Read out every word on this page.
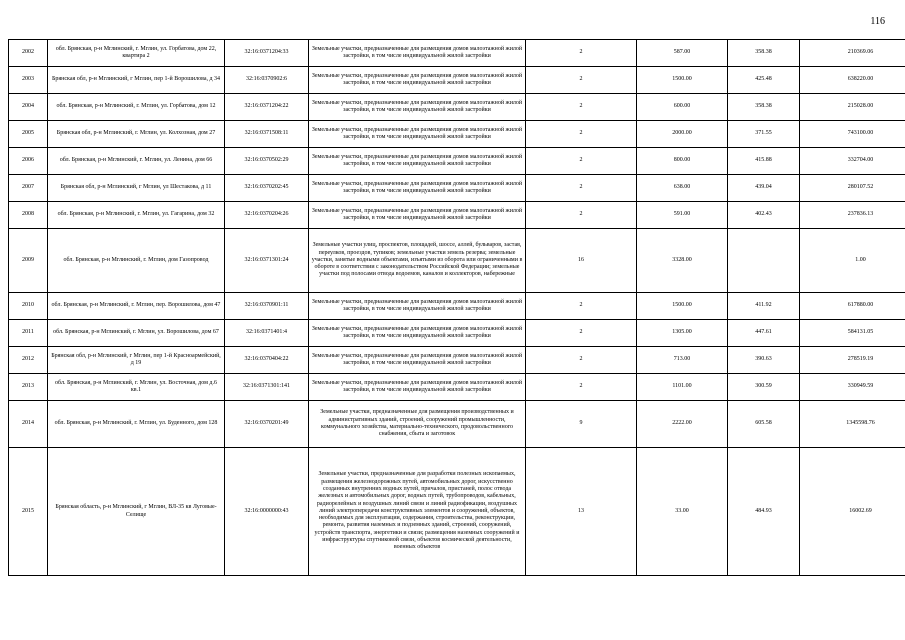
116
2002	обл. Брянская, р-н Мглинский, г. Мглин, ул. Горбатова, дом 22, квартира 2	32:16:0371204:33	Земельные участки, предназначенные для размещения домов малоэтажной жилой застройки, в том числе индивидуальной жилой застройки	2	587.00	358.38	210369.06
2003	Брянская обл, р-н Мглинский, г Мглин, пер 1-й Ворошилова, д 34	32:16:0370902:6	Земельные участки, предназначенные для размещения домов малоэтажной жилой застройки, в том числе индивидуальной жилой застройки	2	1500.00	425.48	638220.00
2004	обл. Брянская, р-н Мглинский, г. Мглин, ул. Горбатова, дом 12	32:16:0371204:22	Земельные участки, предназначенные для размещения домов малоэтажной жилой застройки, в том числе индивидуальной жилой застройки	2	600.00	358.38	215028.00
2005	Брянская обл, р-н Мглинский, г. Мглин, ул. Колхозная, дом 27	32:16:0371508:11	Земельные участки, предназначенные для размещения домов малоэтажной жилой застройки, в том числе индивидуальной жилой застройки	2	2000.00	371.55	743100.00
2006	обл. Брянская, р-н Мглинский, г. Мглин, ул. Ленина, дом 66	32:16:0370502:29	Земельные участки, предназначенные для размещения домов малоэтажной жилой застройки, в том числе индивидуальной жилой застройки	2	800.00	415.88	332704.00
2007	Брянская обл, р-н Мглинский, г Мглин, ул Шестакова, д 11	32:16:0370202:45	Земельные участки, предназначенные для размещения домов малоэтажной жилой застройки, в том числе индивидуальной жилой застройки	2	638.00	439.04	280107.52
2008	обл. Брянская, р-н Мглинский, г. Мглин, ул. Гагарина, дом 32	32:16:0370204:26	Земельные участки, предназначенные для размещения домов малоэтажной жилой застройки, в том числе индивидуальной жилой застройки	2	591.00	402.43	237836.13
2009	обл. Брянская, р-н Мглинский, г. Мглин, дом Газопровод	32:16:0371301:24	Земельные участки улиц, проспектов, площадей, шоссе, аллей, бульваров, застав, переулков, проездов, тупиков; земельные участки земель резерва; земельные участки, занятые водными объектами, изъятыми из оборота или ограниченными в обороте в соответствии с законодательством Российской Федерации; земельные участки под полосами отвода водоемов, каналов и коллекторов, набережные	16	3328.00		1.00
2010	обл. Брянская, р-н Мглинский, г. Мглин, пер. Ворошилова, дом 47	32:16:0370901:11	Земельные участки, предназначенные для размещения домов малоэтажной жилой застройки, в том числе индивидуальной жилой застройки	2	1500.00	411.92	617880.00
2011	обл. Брянская, р-н Мглинский, г. Мглин, ул. Ворошилова, дом 67	32:16:0371401:4	Земельные участки, предназначенные для размещения домов малоэтажной жилой застройки, в том числе индивидуальной жилой застройки	2	1305.00	447.61	584131.05
2012	Брянская обл, р-н Мглинский, г Мглин, пер 1-й Красноармейский, д 19	32:16:0370404:22	Земельные участки, предназначенные для размещения домов малоэтажной жилой застройки, в том числе индивидуальной жилой застройки	2	713.00	390.63	278519.19
2013	обл. Брянская, р-н Мглинский, г. Мглин, ул. Восточная, дом д.6 кв.1	32:16:0371301:141	Земельные участки, предназначенные для размещения домов малоэтажной жилой застройки, в том числе индивидуальной жилой застройки	2	1101.00	300.59	330949.59
2014	обл. Брянская, р-н Мглинский, г. Мглин, ул. Буденного, дом 128	32:16:0370201:49	Земельные участки, предназначенные для размещения производственных и административных зданий, строений, сооружений промышленности, коммунального хозяйства, материально-технического, продовольственного снабжения, сбыта и заготовок	9	2222.00	605.58	1345598.76
2015	Брянская область, р-н Мглинский, г Мглин, ВЛ-35 кв Луговые-Селище	32:16:0000000:43	Земельные участки, предназначенные для разработки полезных ископаемых, размещения железнодорожных путей, автомобильных дорог, искусственно созданных внутренних водных путей, причалов, пристаней, полос отвода железных и автомобильных дорог, водных путей, трубопроводов, кабельных, радиорелейных и воздушных линий связи и линий радиофикации, воздушных линий электропередачи конструктивных элементов и сооружений, объектов, необходимых для эксплуатации, содержания, строительства, реконструкции, ремонта, развития наземных и подземных зданий, строений, сооружений, устройств транспорта, энергетики и связи; размещения наземных сооружений и инфраструктуры спутниковой связи, объектов космической деятельности, военных объектов	13	33.00	484.93	16002.69
